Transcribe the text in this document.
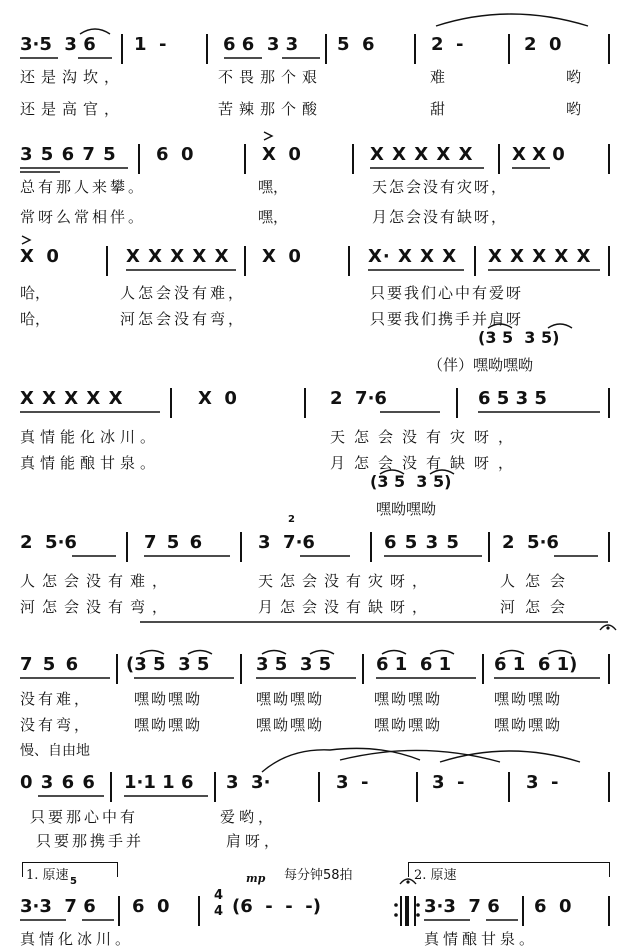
3·5  3 6 1  -	6 6  3 3 5  6	2  -	2  0
还是沟坎，	不畏那个艰	难	哟
还是高官，	苦辣那个酸	甜	哟
3 5 6 7 5 6  0	X  0	X X X X X X X 0
总有那人来攀。	嘿，	天怎会没有灾呀，
常呀么常相伴。	嘿，	月怎会没有缺呀，
X  0	X X X X X X  0	X· X X X X X X X X
哈，	人怎会没有难，	只要我们心中有爱呀
哈，	河怎会没有弯，	只要我们携手并肩呀
(3 5  3 5)
（伴）嘿呦嘿呦
X X X X X	X  0	2  7·6	6 5 3 5
真情能化冰川。	天怎会没有灾呀，
真情能酿甘泉。	月怎会没有缺呀，
(3 5  3 5)
嘿呦嘿呦
2  5·6	7 5 6	3  7·6
2
6 5 3 5 2  5·6
人怎会没有难，	天怎会没有灾呀，	人怎会
河怎会没有弯，	月怎会没有缺呀，	河怎会
7 5 6	(3 5  3 5	3 5  3 5 6 1  6 1 6 1  6 1)
没有难，	嘿呦嘿呦	嘿呦嘿呦	嘿呦嘿呦	嘿呦嘿呦
没有弯，	嘿呦嘿呦	嘿呦嘿呦	嘿呦嘿呦	嘿呦嘿呦
慢、自由地
0 3 6 6 1·1 1 6 3  3·	3  -	3  -	3  -
只要那心中有	爱哟，
只要那携手并	肩呀，
1. 原速	mp 每分钟58拍	2. 原速
3·3  7 6
5
6  0
4
4 (6  -  -  -)	3·3  7 6 6  0
真情化冰川。	真情酿甘泉。
